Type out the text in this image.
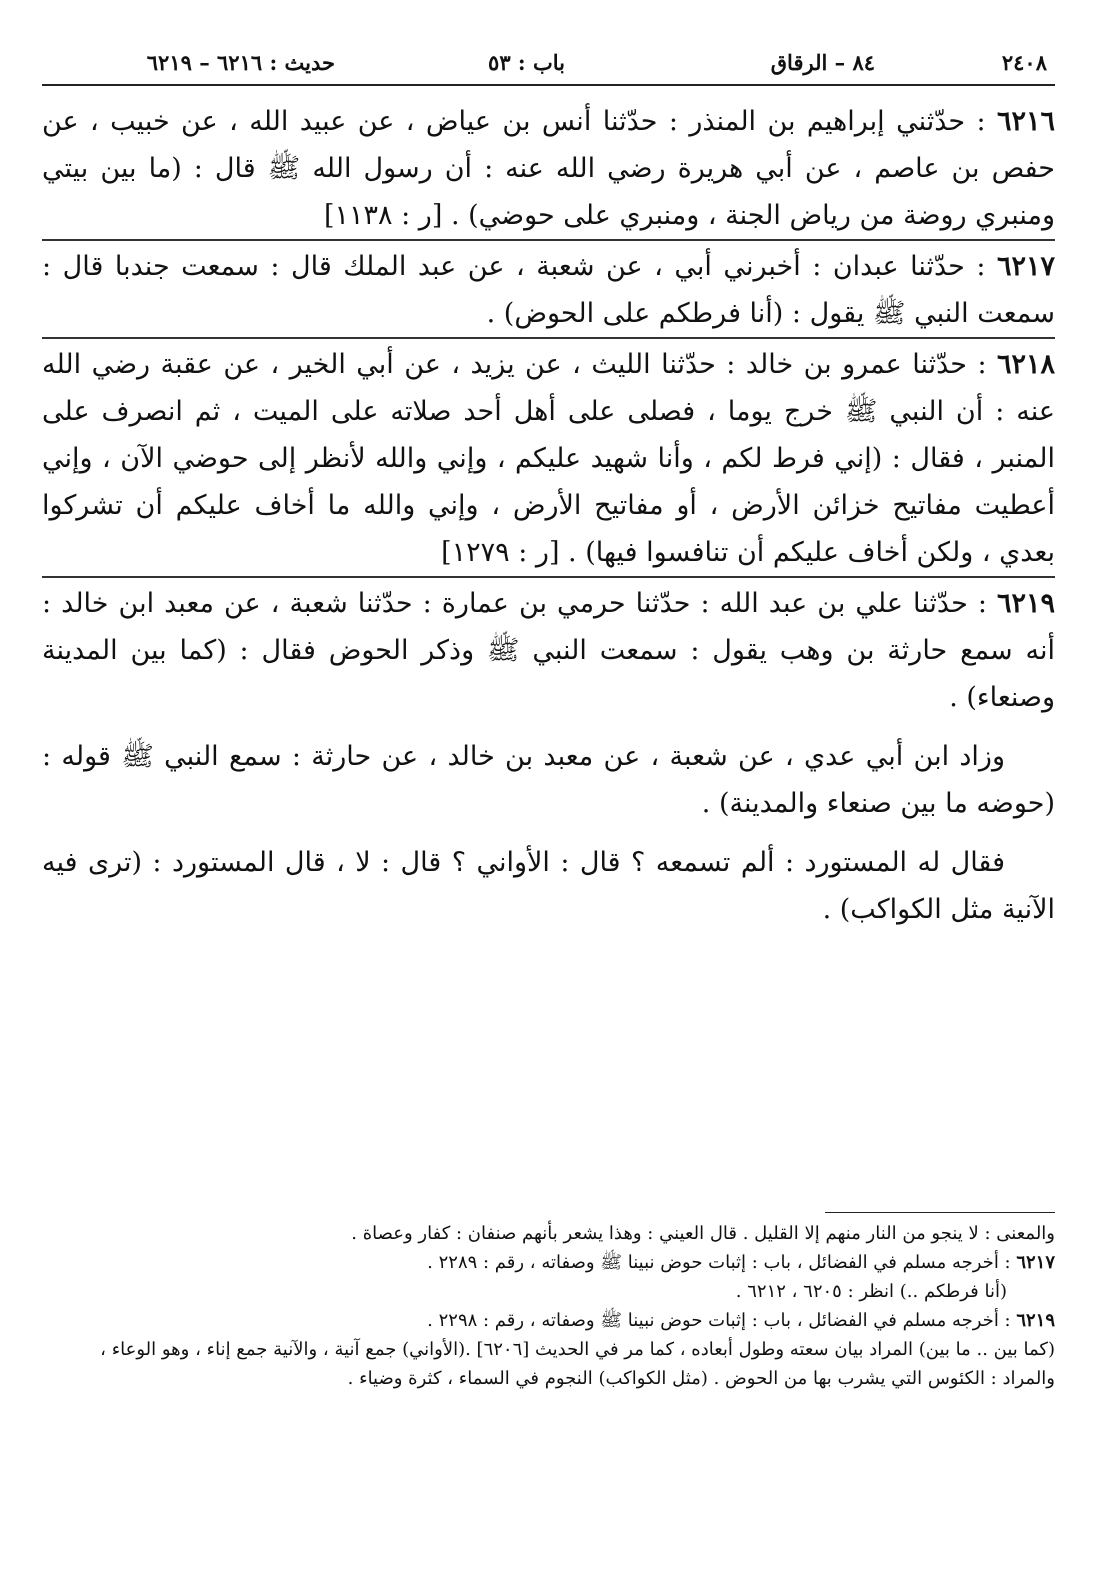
٢٤٠٨
٨٤ – الرقاق
باب : ٥٣
حديث : ٦٢١٦ – ٦٢١٩

٦٢١٦ : حدّثني إبراهيم بن المنذر : حدّثنا أنس بن عياض ، عن عبيد الله ، عن خبيب ، عن حفص بن عاصم ، عن أبي هريرة رضي الله عنه : أن رسول الله ﷺ قال : (ما بين بيتي ومنبري روضة من رياض الجنة ، ومنبري على حوضي) . [ر : ١١٣٨]

٦٢١٧ : حدّثنا عبدان : أخبرني أبي ، عن شعبة ، عن عبد الملك قال : سمعت جندبا قال : سمعت النبي ﷺ يقول : (أنا فرطكم على الحوض) .

٦٢١٨ : حدّثنا عمرو بن خالد : حدّثنا الليث ، عن يزيد ، عن أبي الخير ، عن عقبة رضي الله عنه : أن النبي ﷺ خرج يوما ، فصلى على أهل أحد صلاته على الميت ، ثم انصرف على المنبر ، فقال : (إني فرط لكم ، وأنا شهيد عليكم ، وإني والله لأنظر إلى حوضي الآن ، وإني أعطيت مفاتيح خزائن الأرض ، أو مفاتيح الأرض ، وإني والله ما أخاف عليكم أن تشركوا بعدي ، ولكن أخاف عليكم أن تنافسوا فيها) . [ر : ١٢٧٩]

٦٢١٩ : حدّثنا علي بن عبد الله : حدّثنا حرمي بن عمارة : حدّثنا شعبة ، عن معبد ابن خالد : أنه سمع حارثة بن وهب يقول : سمعت النبي ﷺ وذكر الحوض فقال : (كما بين المدينة وصنعاء) .

وزاد ابن أبي عدي ، عن شعبة ، عن معبد بن خالد ، عن حارثة : سمع النبي ﷺ قوله : (حوضه ما بين صنعاء والمدينة) .

فقال له المستورد : ألم تسمعه ؟ قال : الأواني ؟ قال : لا ، قال المستورد : (ترى فيه الآنية مثل الكواكب) .

والمعنى : لا ينجو من النار منهم إلا القليل . قال العيني : وهذا يشعر بأنهم صنفان : كفار وعصاة .

٦٢١٧ : أخرجه مسلم في الفضائل ، باب : إثبات حوض نبينا ﷺ وصفاته ، رقم : ٢٢٨٩ .

(أنا فرطكم ..) انظر : ٦٢٠٥ ، ٦٢١٢ .

٦٢١٩ : أخرجه مسلم في الفضائل ، باب : إثبات حوض نبينا ﷺ وصفاته ، رقم : ٢٢٩٨ .

(كما بين .. ما بين) المراد بيان سعته وطول أبعاده ، كما مر في الحديث [٦٢٠٦] .(الأواني) جمع آنية ، والآنية جمع إناء ، وهو الوعاء ، والمراد : الكئوس التي يشرب بها من الحوض . (مثل الكواكب) النجوم في السماء ، كثرة وضياء .
